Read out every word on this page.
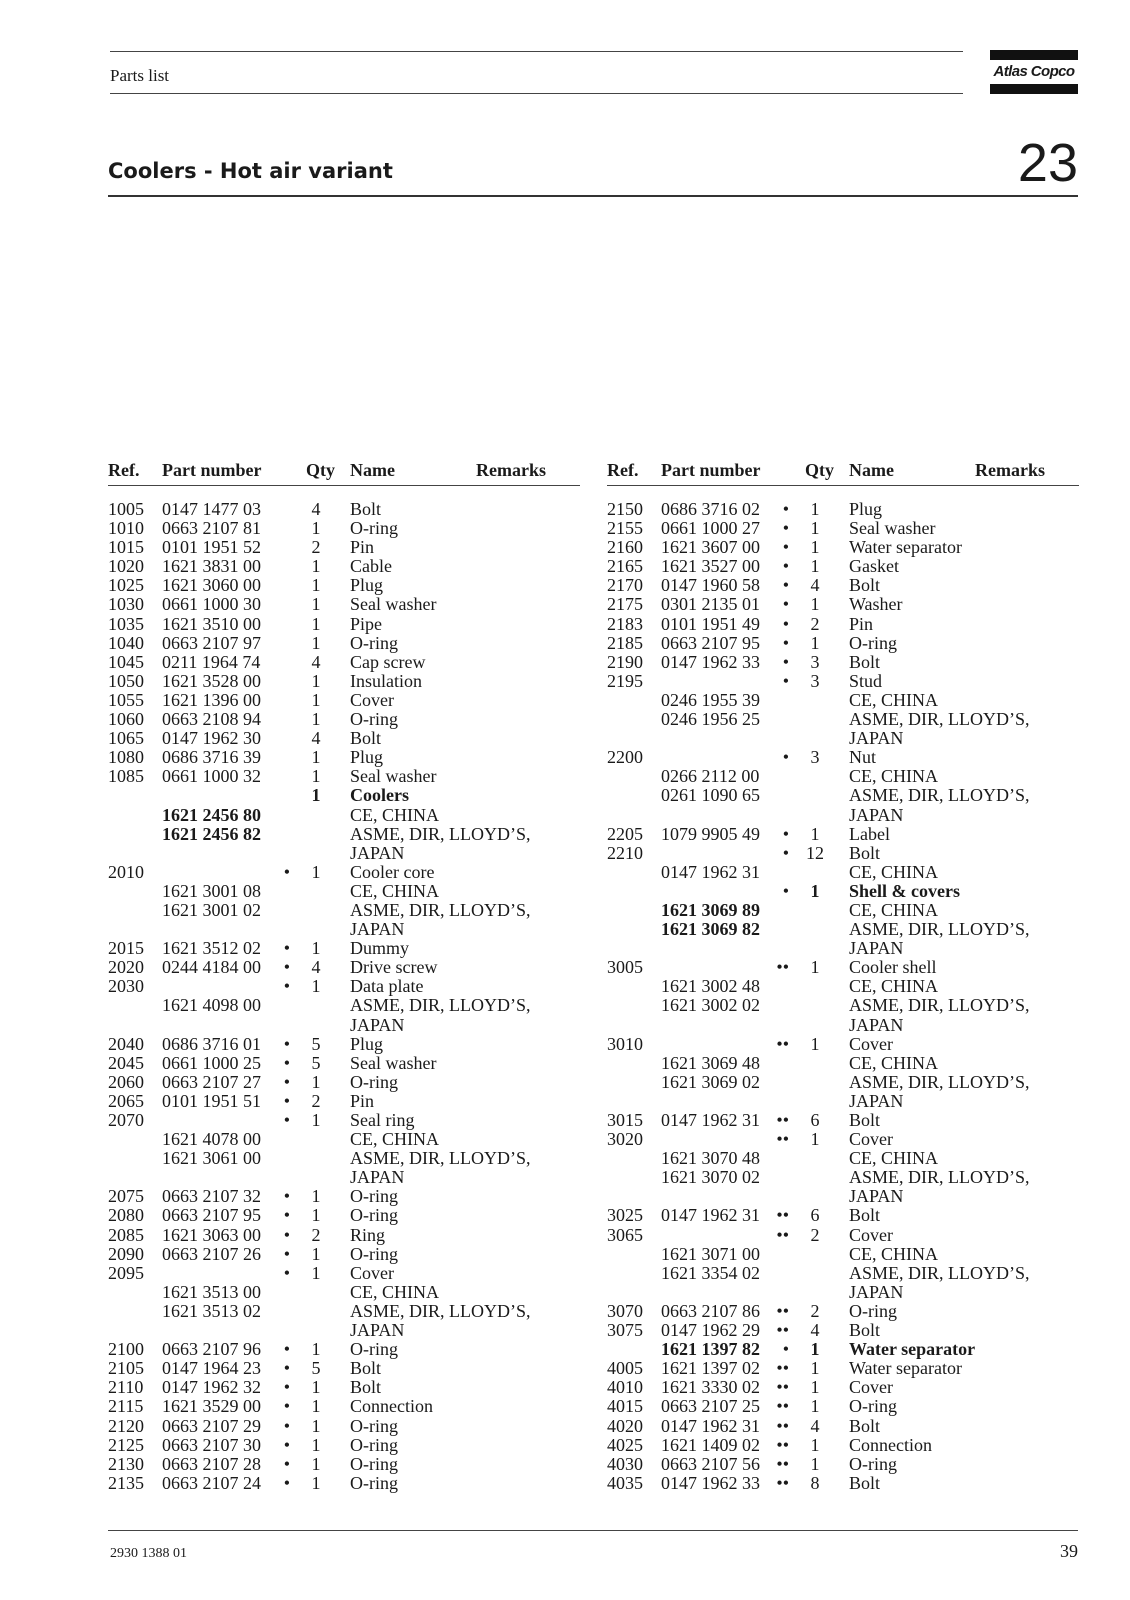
Parts list	Atlas Copco
Coolers - Hot air variant	23
Ref. Part number Qty Name	Remarks
1005 0147 1477 03	4	Bolt
1010 0663 2107 81	1	O-ring
1015 0101 1951 52	2	Pin
1020 1621 3831 00	1	Cable
1025 1621 3060 00	1	Plug
1030 0661 1000 30	1	Seal washer
1035 1621 3510 00	1	Pipe
1040 0663 2107 97	1	O-ring
1045 0211 1964 74	4	Cap screw
1050 1621 3528 00	1	Insulation
1055 1621 1396 00	1	Cover
1060 0663 2108 94	1	O-ring
1065 0147 1962 30	4	Bolt
1080 0686 3716 39	1	Plug
1085 0661 1000 32	1	Seal washer
1	Coolers
1621 2456 80	CE, CHINA
1621 2456 82	ASME, DIR, LLOYD’S,
JAPAN
2010	•	1	Cooler core
1621 3001 08	CE, CHINA
1621 3001 02	ASME, DIR, LLOYD’S,
JAPAN
2015 1621 3512 02	•	1	Dummy
2020 0244 4184 00	•	4	Drive screw
2030	•	1	Data plate
1621 4098 00	ASME, DIR, LLOYD’S,
JAPAN
2040 0686 3716 01	•	5	Plug
2045 0661 1000 25	•	5	Seal washer
2060 0663 2107 27	•	1	O-ring
2065 0101 1951 51	•	2	Pin
2070	•	1	Seal ring
1621 4078 00	CE, CHINA
1621 3061 00	ASME, DIR, LLOYD’S,
JAPAN
2075 0663 2107 32	•	1	O-ring
2080 0663 2107 95	•	1	O-ring
2085 1621 3063 00	•	2	Ring
2090 0663 2107 26	•	1	O-ring
2095	•	1	Cover
1621 3513 00	CE, CHINA
1621 3513 02	ASME, DIR, LLOYD’S,
JAPAN
2100 0663 2107 96	•	1	O-ring
2105 0147 1964 23	•	5	Bolt
2110 0147 1962 32	•	1	Bolt
2115 1621 3529 00	•	1	Connection
2120 0663 2107 29	•	1	O-ring
2125 0663 2107 30	•	1	O-ring
2130 0663 2107 28	•	1	O-ring
2135 0663 2107 24	•	1	O-ring
Ref. Part number Qty Name	Remarks
2150 0686 3716 02	•	1	Plug
2155 0661 1000 27	•	1	Seal washer
2160 1621 3607 00	•	1	Water separator
2165 1621 3527 00	•	1	Gasket
2170 0147 1960 58	•	4	Bolt
2175 0301 2135 01	•	1	Washer
2183 0101 1951 49	•	2	Pin
2185 0663 2107 95	•	1	O-ring
2190 0147 1962 33	•	3	Bolt
2195	•	3	Stud
0246 1955 39	CE, CHINA
0246 1956 25	ASME, DIR, LLOYD’S,
JAPAN
2200	•	3	Nut
0266 2112 00	CE, CHINA
0261 1090 65	ASME, DIR, LLOYD’S,
JAPAN
2205 1079 9905 49	•	1	Label
2210	• 12	Bolt
0147 1962 31	CE, CHINA
•	1	Shell & covers
1621 3069 89	CE, CHINA
1621 3069 82	ASME, DIR, LLOYD’S,
JAPAN
3005	••	1	Cooler shell
1621 3002 48	CE, CHINA
1621 3002 02	ASME, DIR, LLOYD’S,
JAPAN
3010	••	1	Cover
1621 3069 48	CE, CHINA
1621 3069 02	ASME, DIR, LLOYD’S,
JAPAN
3015 0147 1962 31 ••	6	Bolt
3020	••	1	Cover
1621 3070 48	CE, CHINA
1621 3070 02	ASME, DIR, LLOYD’S,
JAPAN
3025 0147 1962 31 ••	6	Bolt
3065	••	2	Cover
1621 3071 00	CE, CHINA
1621 3354 02	ASME, DIR, LLOYD’S,
JAPAN
3070 0663 2107 86 ••	2	O-ring
3075 0147 1962 29 ••	4	Bolt
1621 1397 82	•	1	Water separator
4005 1621 1397 02 ••	1	Water separator
4010 1621 3330 02 ••	1	Cover
4015 0663 2107 25 ••	1	O-ring
4020 0147 1962 31 ••	4	Bolt
4025 1621 1409 02 ••	1	Connection
4030 0663 2107 56 ••	1	O-ring
4035 0147 1962 33 ••	8	Bolt
2930 1388 01	39
